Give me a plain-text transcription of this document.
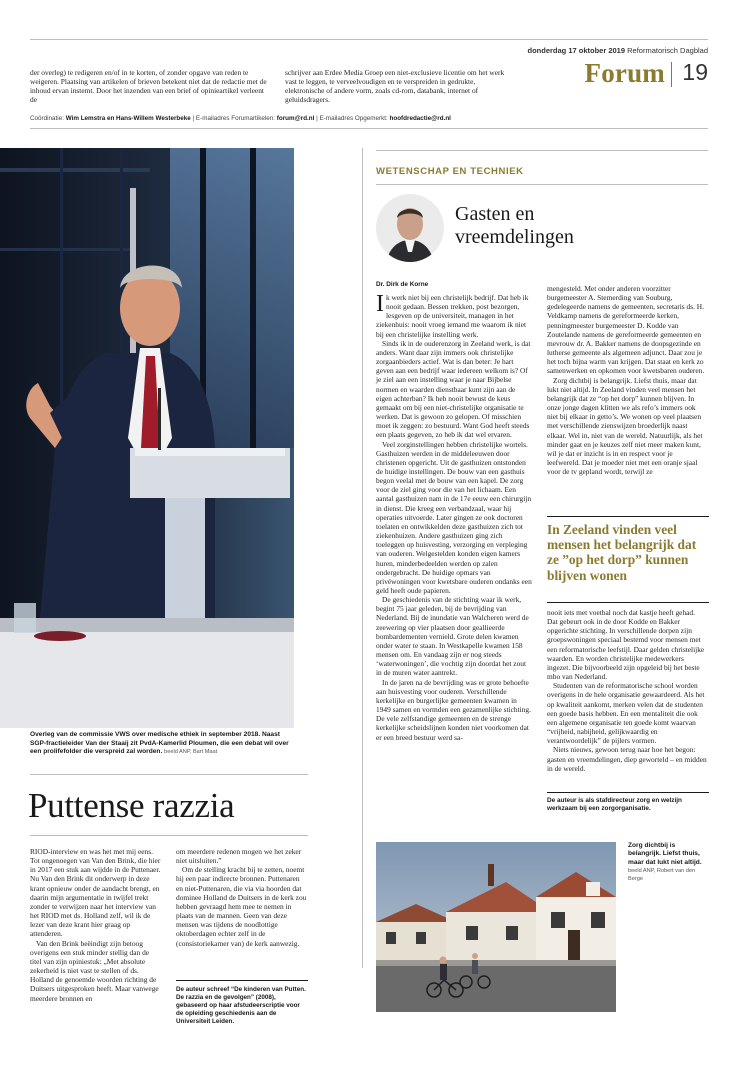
donderdag 17 oktober 2019 Reformatorisch Dagblad
Forum 19

der overleg) te redigeren en/of in te korten, of zonder opgave van reden te weigeren. Plaatsing van artikelen of brieven betekent niet dat de redactie met de inhoud ervan instemt. Door het inzenden van een brief of opinieartikel verleent de

schrijver aan Erdee Media Groep een niet-exclusieve licentie om het werk vast te leggen, te verveelvoudigen en te verspreiden in gedrukte, elektronische of andere vorm, zoals cd-rom, databank, internet of geluidsdragers.

Coördinatie: Wim Lemstra en Hans-Willem Westerbeke | E-mailadres Forumartikelen: forum@rd.nl | E-mailadres Opgemerkt: hoofdredactie@rd.nl
Overleg van de commissie VWS over medische ethiek in september 2018. Naast SGP-fractieleider Van der Staaij zit PvdA-Kamerlid Ploumen, die een debat wil over een prolifefolder die verspreid zal worden. beeld ANP, Bart Maat
Puttense razzia

RIOD-interview en was het met mij eens. Tot ongenoegen van Van den Brink, die hier in 2017 een stuk aan wijdde in de Puttenaer. Nu Van den Brink dit onderwerp in deze krant opnieuw onder de aandacht brengt, en daarin mijn argumentatie in twijfel trekt zonder te verwijzen naar het interview van het RIOD met ds. Holland zelf, wil ik de lezer van deze krant hier graag op attenderen.

Van den Brink beëindigt zijn betoog overigens een stuk minder stellig dan de titel van zijn opiniestuk: „Met absolute zekerheid is niet vast te stellen of ds. Holland de genoemde woorden richting de Duitsers uitgesproken heeft. Maar vanwege meerdere bronnen en

om meerdere redenen mogen we het zeker niet uitsluiten.”

Om de stelling kracht bij te zetten, noemt hij een paar indirecte bronnen. Puttenaren en niet-Puttenaren, die via via hoorden dat dominee Holland de Duitsers in de kerk zou hebben gevraagd hem mee te nemen in plaats van de mannen. Geen van deze mensen was tijdens de noodlottige oktoberdagen echter zelf in de (consistoriekamer van) de kerk aanwezig.

De auteur schreef “De kinderen van Putten. De razzia en de gevolgen” (2008), gebaseerd op haar afstudeerscriptie voor de opleiding geschiedenis aan de Universiteit Leiden.
WETENSCHAP EN TECHNIEK
Gasten en vreemdelingen
Dr. Dirk de Korne

Ik werk niet bij een christelijk bedrijf. Dat heb ik nooit gedaan. Bessen trekken, post bezorgen, lesgeven op de universiteit, managen in het ziekenhuis: nooit vroeg iemand me waarom ik niet bij een christelijke instelling werk.

Sinds ik in de ouderenzorg in Zeeland werk, is dat anders. Want daar zijn immers ook christelijke zorgaanbieders actief. Wat is dan beter: Je hart geven aan een bedrijf waar iedereen welkom is? Of je ziel aan een instelling waar je naar Bijbelse normen en waarden dienstbaar kunt zijn aan de eigen achterban? Ik heb nooit bewust de keus gemaakt om bij een niet-christelijke organisatie te werken. Dat is gewoon zo gelopen. Of misschien moet ik zeggen: zo bestuurd. Want God heeft steeds een plaats gegeven, zo heb ik dat wel ervaren.

Veel zorginstellingen hebben christelijke wortels. Gasthuizen werden in de middeleeuwen door christenen opgericht. Uit de gasthuizen ontstonden de huidige instellingen. De bouw van een gasthuis begon veelal met de bouw van een kapel. De zorg voor de ziel ging voor die van het lichaam. Een aantal gasthuizen nam in de 17e eeuw een chirurgijn in dienst. Die kreeg een verbandzaal, waar hij operaties uitvoerde. Later gingen ze ook doctoren toelaten en ontwikkelden deze gasthuizen zich tot ziekenhuizen. Andere gasthuizen ging zich toeleggen op huisvesting, verzorging en verpleging van ouderen. Welgestelden konden eigen kamers huren, minderbedeelden werden op zalen ondergebracht. De huidige opmars van privéwoningen voor kwetsbare ouderen ondanks een geld heeft oude papieren.

De geschiedenis van de stichting waar ik werk, begint 75 jaar geleden, bij de bevrijding van Nederland. Bij de inundatie van Walcheren werd de zeewering op vier plaatsen door geallieerde bombardementen vernield. Grote delen kwamen onder water te staan. In Westkapelle kwamen 158 mensen om. En vandaag zijn er nog steeds ‘waterwoningen’, die vochtig zijn doordat het zout in de muren water aantrekt.

In de jaren na de bevrijding was er grote behoefte aan huisvesting voor ouderen. Verschillende kerkelijke en burgerlijke gemeenten kwamen in 1949 samen en vormden een gezamenlijke stichting. De vele zelfstandige gemeenten en de strenge kerkelijke scheidslijnen konden niet voorkomen dat er een breed bestuur werd sa-

mengesteld. Met onder anderen voorzitter burgemeester A. Stemerding van Souburg, gedelegeerde namens de gemeenten, secretaris ds. H. Veldkamp namens de gereformeerde kerken, penningmeester burgemeester D. Kodde van Zoutelande namens de gereformeerde gemeenten en mevrouw dr. A. Bakker namens de doopsgezinde en lutherse gemeente als algemeen adjunct. Daar zou je het toch bijna warm van krijgen. Dat staat en kerk zo samenwerken en opkomen voor kwetsbaren ouderen.

Zorg dichtbij is belangrijk. Liefst thuis, maar dat lukt niet altijd. In Zeeland vinden veel mensen het belangrijk dat ze “op het dorp” kunnen blijven. In onze jonge dagen klitten we als refo’s immers ook niet bij elkaar in getto’s. We wonen op veel plaatsen met verschillende zienswijzen broederlijk naast elkaar. Wel in, niet van de wereld. Natuurlijk, als het minder gaat en je keuzes zelf niet meer maken kunt, wil je dat er inzicht is in en respect voor je leefwereld. Dat je moeder niet met een oranje sjaal voor de tv gepland wordt, terwijl ze

In Zeeland vinden veel mensen het belangrijk dat ze ”op het dorp” kunnen blijven wonen

nooit iets met voetbal noch dat kastje heeft gehad. Dat gebeurt ook in de door Kodde en Bakker opgerichte stichting. In verschillende dorpen zijn groepswoningen speciaal bestemd voor mensen met een reformatorische leefstijl. Daar gelden christelijke waarden. En worden christelijke medewerkers ingezet. Die bijvoorbeeld zijn opgeleid bij het beste mbo van Nederland.

Studenten van de reformatorische school worden overigens in de hele organisatie gewaardeerd. Als het op kwaliteit aankomt, merken velen dat de studenten een goede basis hebben. En een mentaliteit die ook een algemene organisatie ten goede komt waarvan “vrijheid, nabijheid, gelijkwaardig en verantwoordelijk” de pijlers vormen.

Niets nieuws, gewoon terug naar hoe het begon: gasten en vreemdelingen, diep geworteld – en midden in de wereld.

De auteur is als stafdirecteur zorg en welzijn werkzaam bij een zorgorganisatie.
Zorg dichtbij is belangrijk. Liefst thuis, maar dat lukt niet altijd. beeld ANP, Robert van den Berge
